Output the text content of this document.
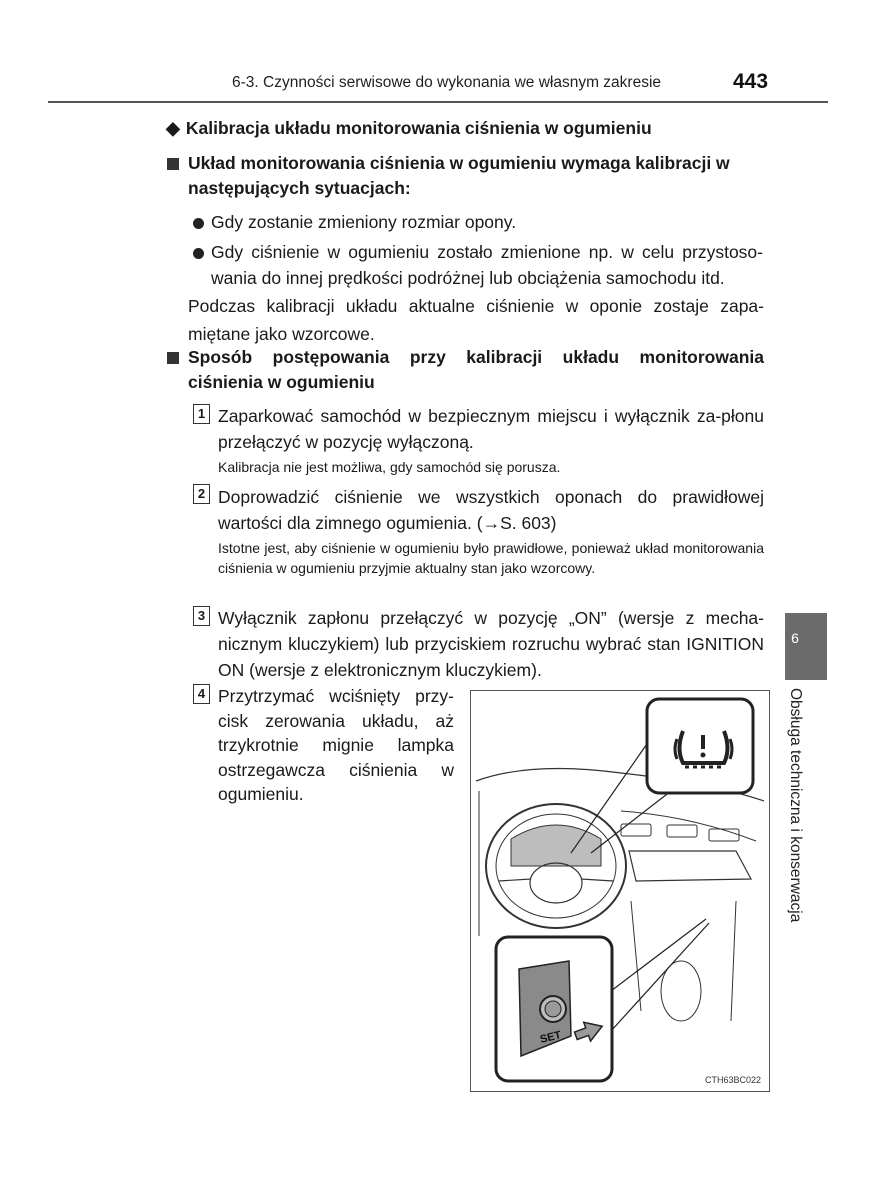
6-3. Czynności serwisowe do wykonania we własnym zakresie	443
◆ Kalibracja układu monitorowania ciśnienia w ogumieniu
Układ monitorowania ciśnienia w ogumieniu wymaga kalibracji w następujących sytuacjach:
Gdy zostanie zmieniony rozmiar opony.
Gdy ciśnienie w ogumieniu zostało zmienione np. w celu przystoso-wania do innej prędkości podróżnej lub obciążenia samochodu itd.
Podczas kalibracji układu aktualne ciśnienie w oponie zostaje zapa-miętane jako wzorcowe.
Sposób postępowania przy kalibracji układu monitorowania ciśnienia w ogumieniu
1 Zaparkować samochód w bezpiecznym miejscu i wyłącznik za-płonu przełączyć w pozycję wyłączoną.
Kalibracja nie jest możliwa, gdy samochód się porusza.
2 Doprowadzić ciśnienie we wszystkich oponach do prawidłowej wartości dla zimnego ogumienia. (→S. 603)
Istotne jest, aby ciśnienie w ogumieniu było prawidłowe, ponieważ układ monitorowania ciśnienia w ogumieniu przyjmie aktualny stan jako wzorcowy.
3 Wyłącznik zapłonu przełączyć w pozycję „ON” (wersje z mecha-nicznym kluczykiem) lub przyciskiem rozruchu wybrać stan IGNITION ON (wersje z elektronicznym kluczykiem).
4 Przytrzymać wciśnięty przy-cisk zerowania układu, aż trzykrotnie mignie lampka ostrzegawcza ciśnienia w ogumieniu.
6
Obsługa techniczna i konserwacja
SET
CTH63BC022
